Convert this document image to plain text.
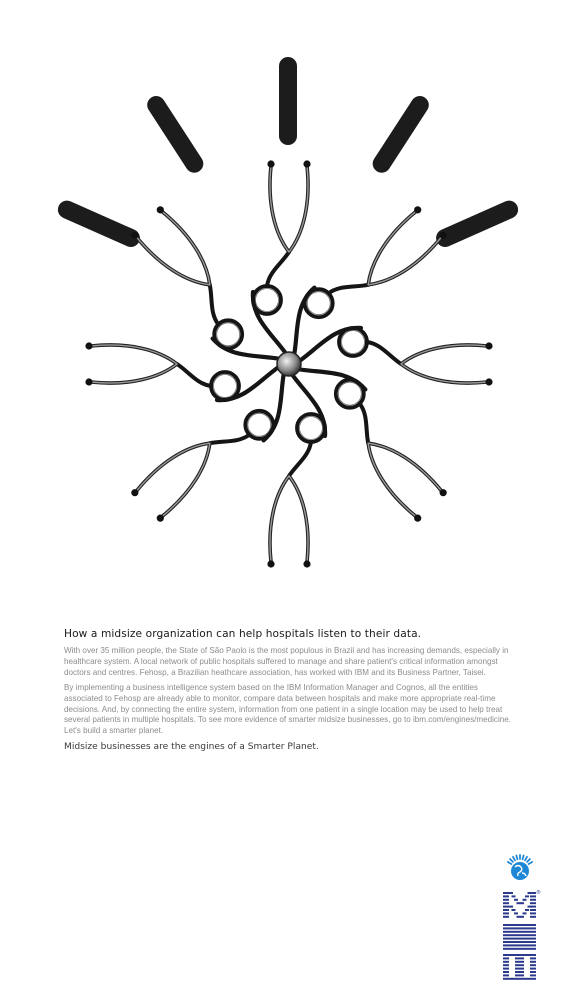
How a midsize organization can help hospitals listen to their data.

With over 35 million people, the State of São Paolo is the most populous in Brazil and has increasing demands, especially in healthcare system. A local network of public hospitals suffered to manage and share patient's critical information amongst doctors and centres. Fehosp, a Brazilian heathcare association, has worked with IBM and its Business Partner, Taisei.

By implementing a business intelligence system based on the IBM Information Manager and Cognos, all the entities associated to Fehosp are already able to monitor, compare data between hospitals and make more appropriate real-time decisions. And, by connecting the entire system, information from one patient in a single location may be used to help treat several patients in multiple hospitals. To see more evidence of smarter midsize businesses, go to ibm.com/engines/medicine. Let's build a smarter planet.

Midsize businesses are the engines of a Smarter Planet.

®
